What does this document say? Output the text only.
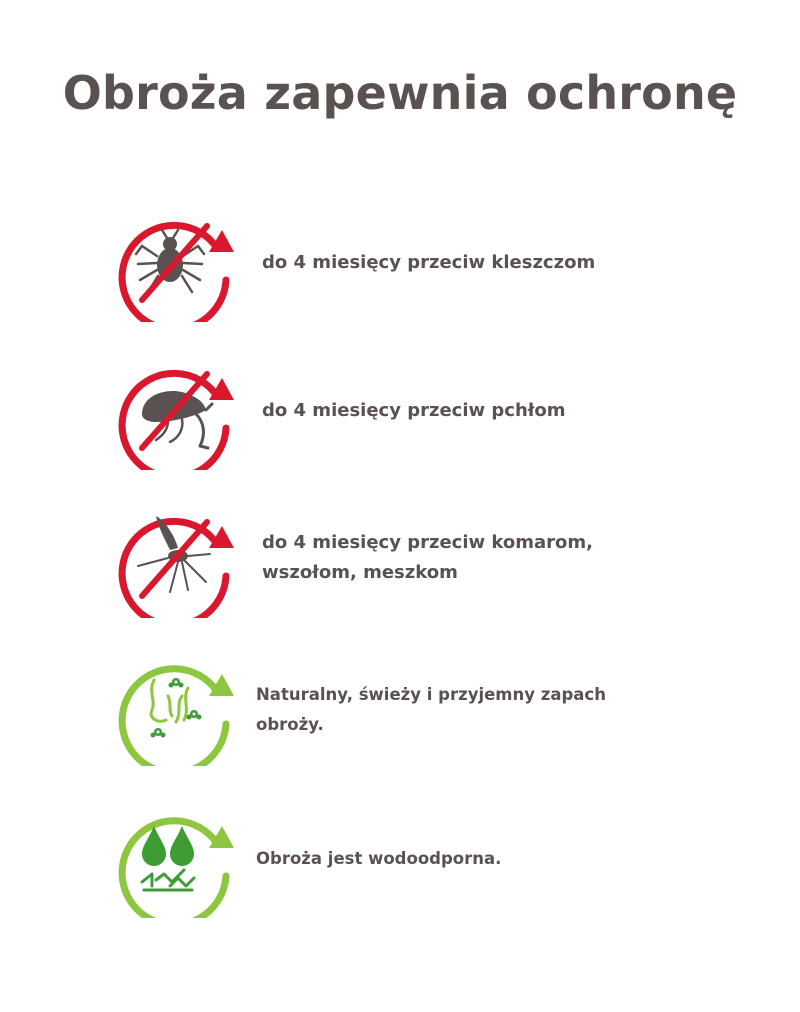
Obroża zapewnia ochronę
do 4 miesięcy przeciw kleszczom
do 4 miesięcy przeciw pchłom
do 4 miesięcy przeciw komarom,
wszołom, meszkom
Naturalny, świeży i przyjemny zapach
obroży.
Obroża jest wodoodporna.
